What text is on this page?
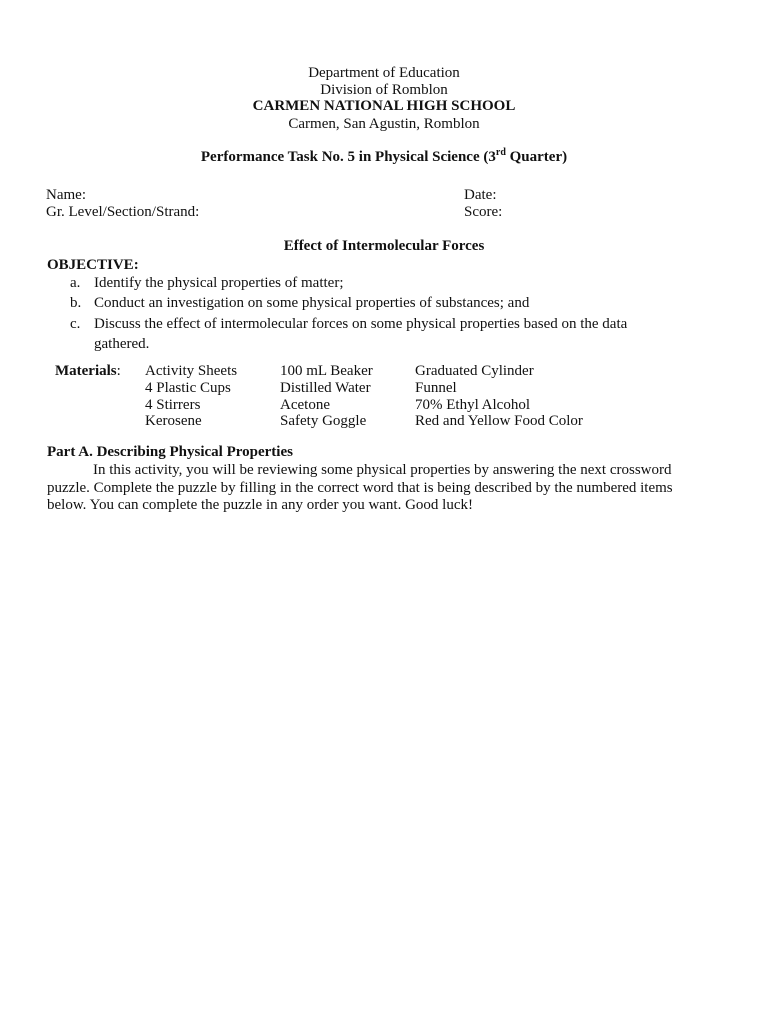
Department of Education
Division of Romblon
CARMEN NATIONAL HIGH SCHOOL
Carmen, San Agustin, Romblon
Performance Task No. 5 in Physical Science (3rd Quarter)
Name:	Date:
Gr. Level/Section/Strand:	Score:
Effect of Intermolecular Forces
OBJECTIVE:
a. Identify the physical properties of matter;
b. Conduct an investigation on some physical properties of substances; and
c. Discuss the effect of intermolecular forces on some physical properties based on the data
gathered.
Materials: Activity Sheets	100 mL Beaker	Graduated Cylinder
4 Plastic Cups	Distilled Water	Funnel
4 Stirrers	Acetone	70% Ethyl Alcohol
Kerosene	Safety Goggle	Red and Yellow Food Color
Part A. Describing Physical Properties
In this activity, you will be reviewing some physical properties by answering the next crossword
puzzle. Complete the puzzle by filling in the correct word that is being described by the numbered items
below. You can complete the puzzle in any order you want. Good luck!
